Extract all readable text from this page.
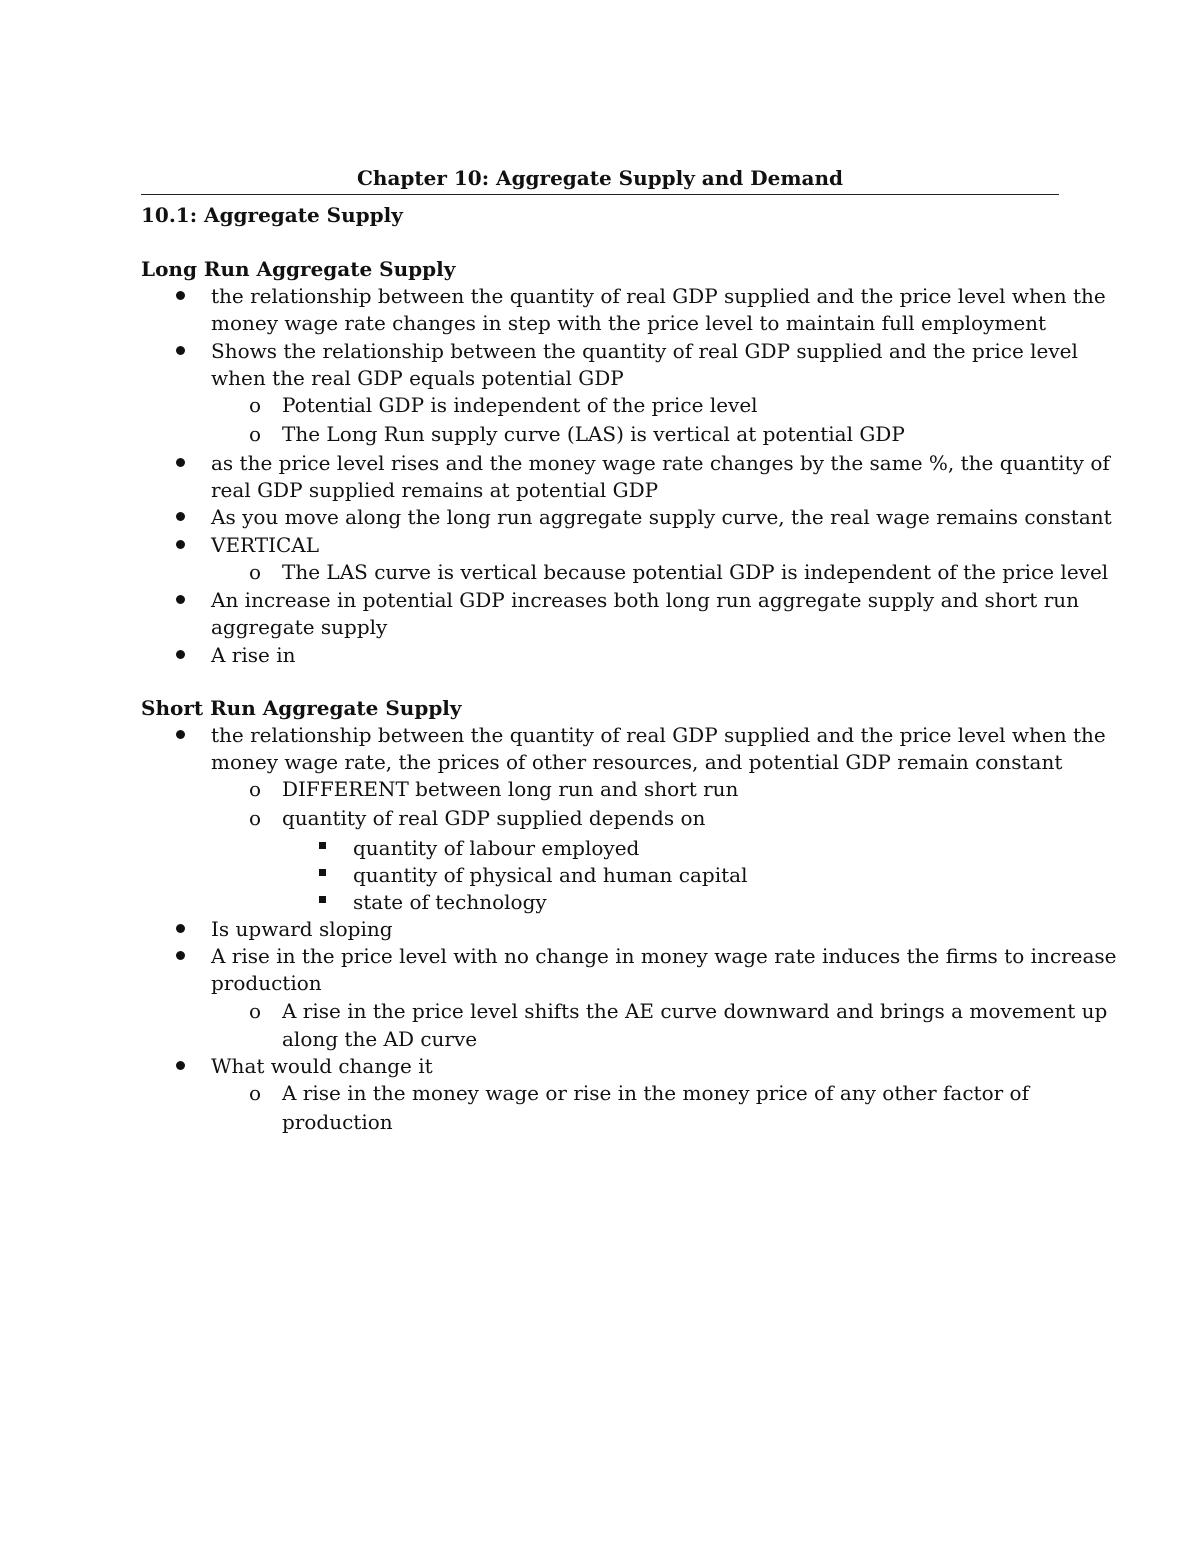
Chapter 10: Aggregate Supply and Demand
10.1: Aggregate Supply
Long Run Aggregate Supply
the relationship between the quantity of real GDP supplied and the price level when the
money wage rate changes in step with the price level to maintain full employment
Shows the relationship between the quantity of real GDP supplied and the price level
when the real GDP equals potential GDP
o Potential GDP is independent of the price level
o The Long Run supply curve (LAS) is vertical at potential GDP
as the price level rises and the money wage rate changes by the same %, the quantity of
real GDP supplied remains at potential GDP
As you move along the long run aggregate supply curve, the real wage remains constant
VERTICAL
o The LAS curve is vertical because potential GDP is independent of the price level
An increase in potential GDP increases both long run aggregate supply and short run
aggregate supply
A rise in
Short Run Aggregate Supply
the relationship between the quantity of real GDP supplied and the price level when the
money wage rate, the prices of other resources, and potential GDP remain constant
o DIFFERENT between long run and short run
o quantity of real GDP supplied depends on
quantity of labour employed
quantity of physical and human capital
state of technology
Is upward sloping
A rise in the price level with no change in money wage rate induces the firms to increase
production
o A rise in the price level shifts the AE curve downward and brings a movement up
along the AD curve
What would change it
o A rise in the money wage or rise in the money price of any other factor of
production
